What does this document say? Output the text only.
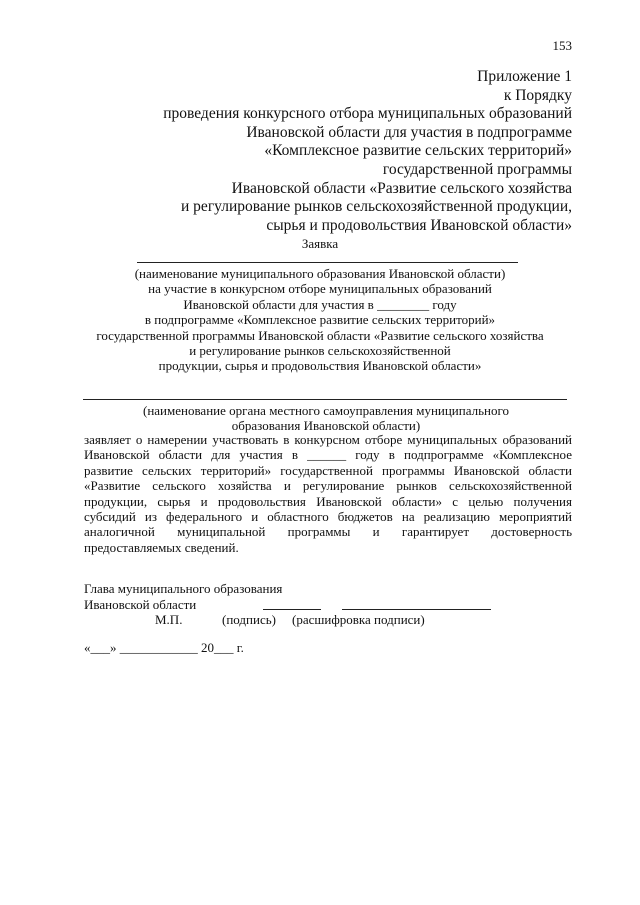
153
Приложение 1
к Порядку
проведения конкурсного отбора муниципальных образований
Ивановской области для участия в подпрограмме
«Комплексное развитие сельских территорий»
государственной программы
Ивановской области «Развитие сельского хозяйства
и регулирование рынков сельскохозяйственной продукции,
сырья и продовольствия Ивановской области»
Заявка
(наименование муниципального образования Ивановской области)
на участие в конкурсном отборе муниципальных образований
Ивановской области для участия в ________ году
в подпрограмме «Комплексное развитие сельских территорий»
государственной программы Ивановской области «Развитие сельского хозяйства
и регулирование рынков сельскохозяйственной
продукции, сырья и продовольствия Ивановской области»
(наименование органа местного самоуправления муниципального
образования Ивановской области)
заявляет о намерении участвовать в конкурсном отборе муниципальных образований
Ивановской области для участия в ______ году в подпрограмме «Комплексное
развитие сельских территорий» государственной программы Ивановской области
«Развитие сельского хозяйства и регулирование рынков сельскохозяйственной
продукции, сырья и продовольствия Ивановской области» с целью получения
субсидий из федерального и областного бюджетов на реализацию мероприятий
аналогичной муниципальной программы и гарантирует достоверность
предоставляемых сведений.
Глава муниципального образования
Ивановской области
М.П.	(подпись) (расшифровка подписи)
«___» ____________ 20___ г.
